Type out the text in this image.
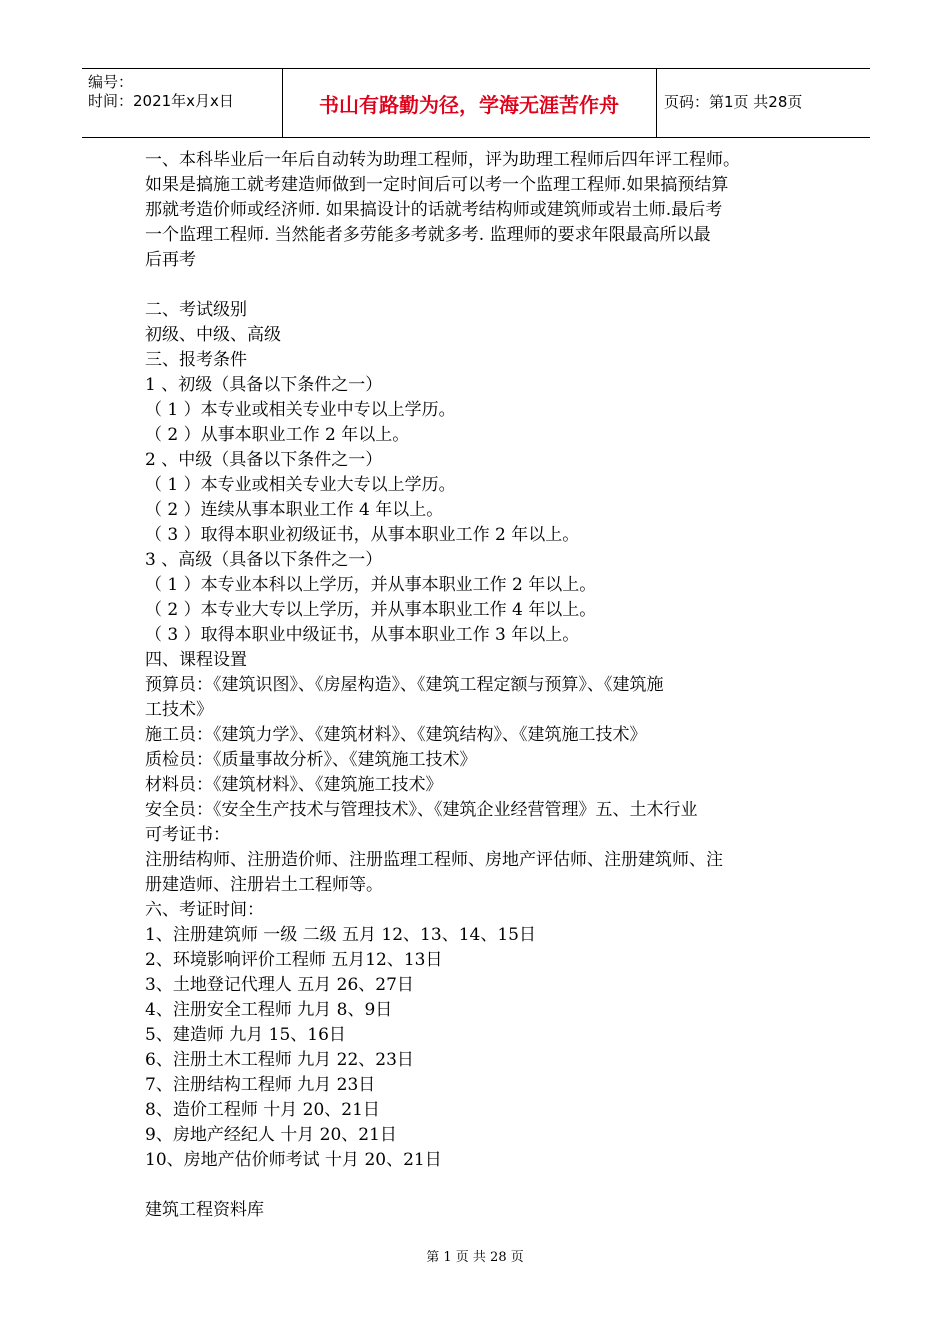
编号：
时间：2021年x月x日	书山有路勤为径，学海无涯苦作舟	页码：第1页 共28页
一、本科毕业后一年后自动转为助理工程师，评为助理工程师后四年评工程师。
如果是搞施工就考建造师做到一定时间后可以考一个监理工程师.如果搞预结算
那就考造价师或经济师. 如果搞设计的话就考结构师或建筑师或岩土师.最后考
一个监理工程师. 当然能者多劳能多考就多考. 监理师的要求年限最高所以最
后再考
二、考试级别
初级、中级、高级
三、报考条件
1 、初级（具备以下条件之一）
（ 1 ）本专业或相关专业中专以上学历。
（ 2 ）从事本职业工作 2 年以上。
2 、中级（具备以下条件之一）
（ 1 ）本专业或相关专业大专以上学历。
（ 2 ）连续从事本职业工作 4 年以上。
（ 3 ）取得本职业初级证书，从事本职业工作 2 年以上。
3 、高级（具备以下条件之一）
（ 1 ）本专业本科以上学历，并从事本职业工作 2 年以上。
（ 2 ）本专业大专以上学历，并从事本职业工作 4 年以上。
（ 3 ）取得本职业中级证书，从事本职业工作 3 年以上。
四、课程设置
预算员：《建筑识图》、《房屋构造》、《建筑工程定额与预算》、《建筑施
工技术》
施工员：《建筑力学》、《建筑材料》、《建筑结构》、《建筑施工技术》
质检员：《质量事故分析》、《建筑施工技术》
材料员：《建筑材料》、《建筑施工技术》
安全员：《安全生产技术与管理技术》、《建筑企业经营管理》五、土木行业
可考证书：
注册结构师、注册造价师、注册监理工程师、房地产评估师、注册建筑师、注
册建造师、注册岩土工程师等。
六、考证时间：
1、注册建筑师 一级 二级 五月 12、13、14、15日
2、环境影响评价工程师 五月12、13日
3、土地登记代理人 五月 26、27日
4、注册安全工程师 九月 8、9日
5、建造师 九月 15、16日
6、注册土木工程师 九月 22、23日
7、注册结构工程师 九月 23日
8、造价工程师 十月 20、21日
9、房地产经纪人 十月 20、21日
10、房地产估价师考试 十月 20、21日
建筑工程资料库
第 1 页 共 28 页
